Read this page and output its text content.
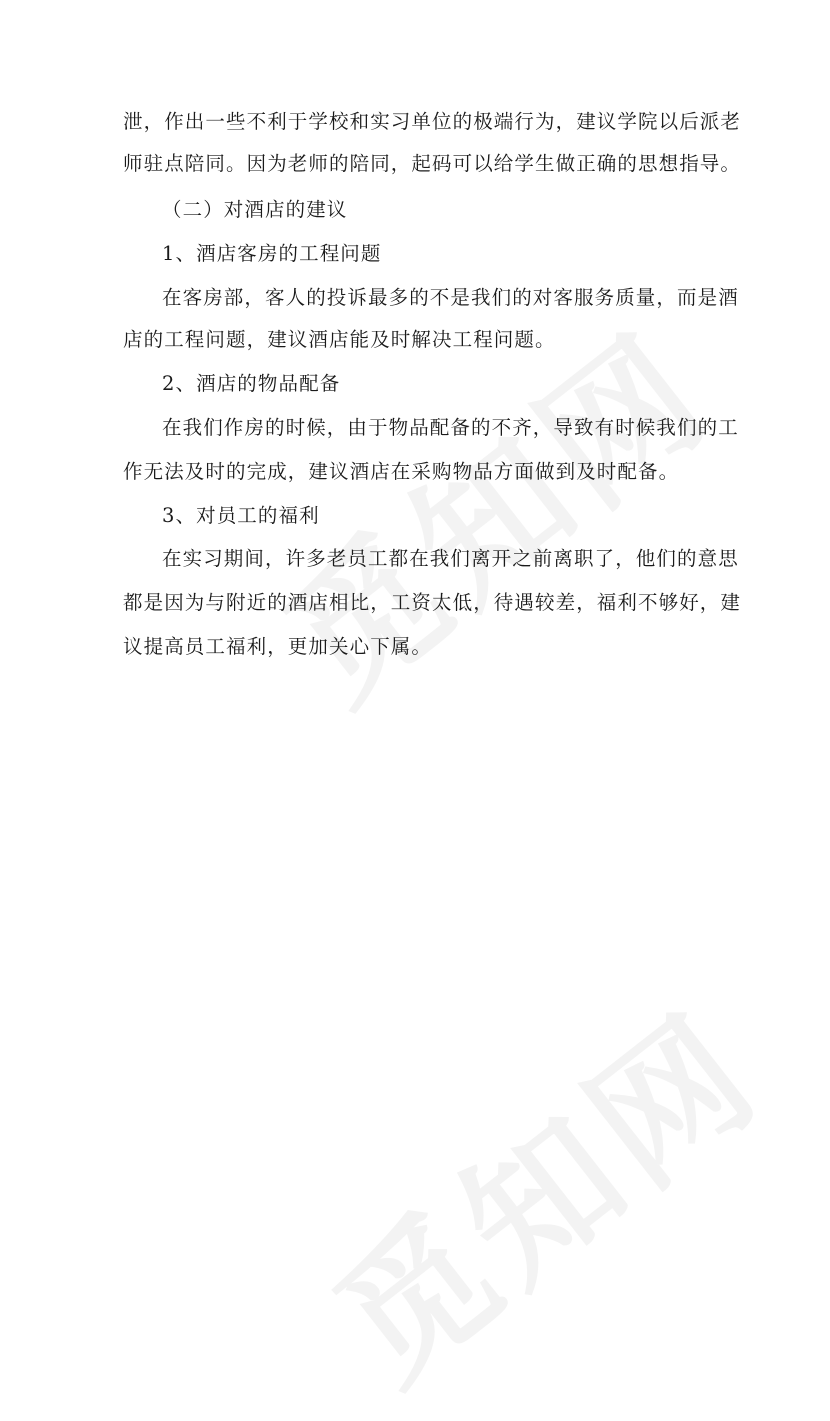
泄，作出一些不利于学校和实习单位的极端行为，建议学院以后派老
师驻点陪同。因为老师的陪同，起码可以给学生做正确的思想指导。
（二）对酒店的建议
1、酒店客房的工程问题
在客房部，客人的投诉最多的不是我们的对客服务质量，而是酒
店的工程问题，建议酒店能及时解决工程问题。
2、酒店的物品配备
在我们作房的时候，由于物品配备的不齐，导致有时候我们的工
作无法及时的完成，建议酒店在采购物品方面做到及时配备。
3、对员工的福利
在实习期间，许多老员工都在我们离开之前离职了，他们的意思
都是因为与附近的酒店相比，工资太低，待遇较差，福利不够好，建
议提高员工福利，更加关心下属。
